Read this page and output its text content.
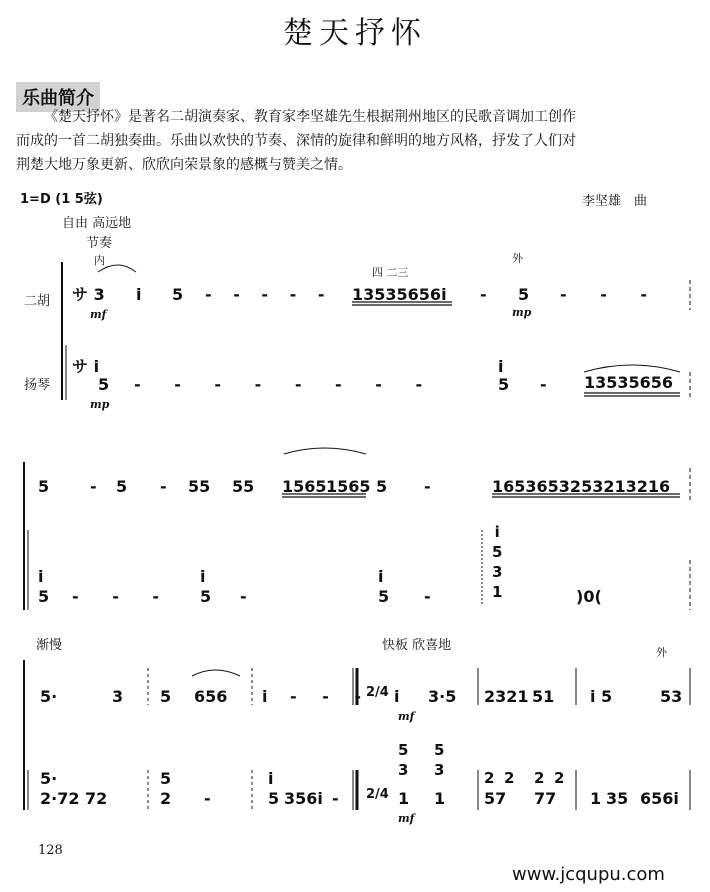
楚天抒怀
乐曲简介

《楚天抒怀》是著名二胡演奏家、教育家李坚雄先生根据荆州地区的民歌音调加工创作

而成的一首二胡独奏曲。乐曲以欢快的节奏、深情的旋律和鲜明的地方风格，抒发了人们对
荆楚大地万象更新、欣欣向荣景象的感概与赞美之情。
1=D (1 5弦)	李坚雄　曲
二胡
扬琴
自由 高远地
节奏
内	外
四 二三
渐慢	快板 欣喜地	外
サ 3 i 5 - - - - - 13535656i - 5 - - -
mf	mp
サ i
5 - - - - - - - -
i
5 - 13535656
mp
5	- 5 - 55 55 1565 1565 5 -	1653653253213216
i
5 - - -
i
5 -
i
5 -
i
5
3
1	)0(
5·	3 5 656 i - - -
2/4 i 3·5 2321 51 i 5	53
mf
5·
2·72 72
5
2 -
i
5 356i - 2/4
5
3
5
3
1 1
2 2 2 2
57 77 1 35 656i
mf
128
www.jcqupu.com
